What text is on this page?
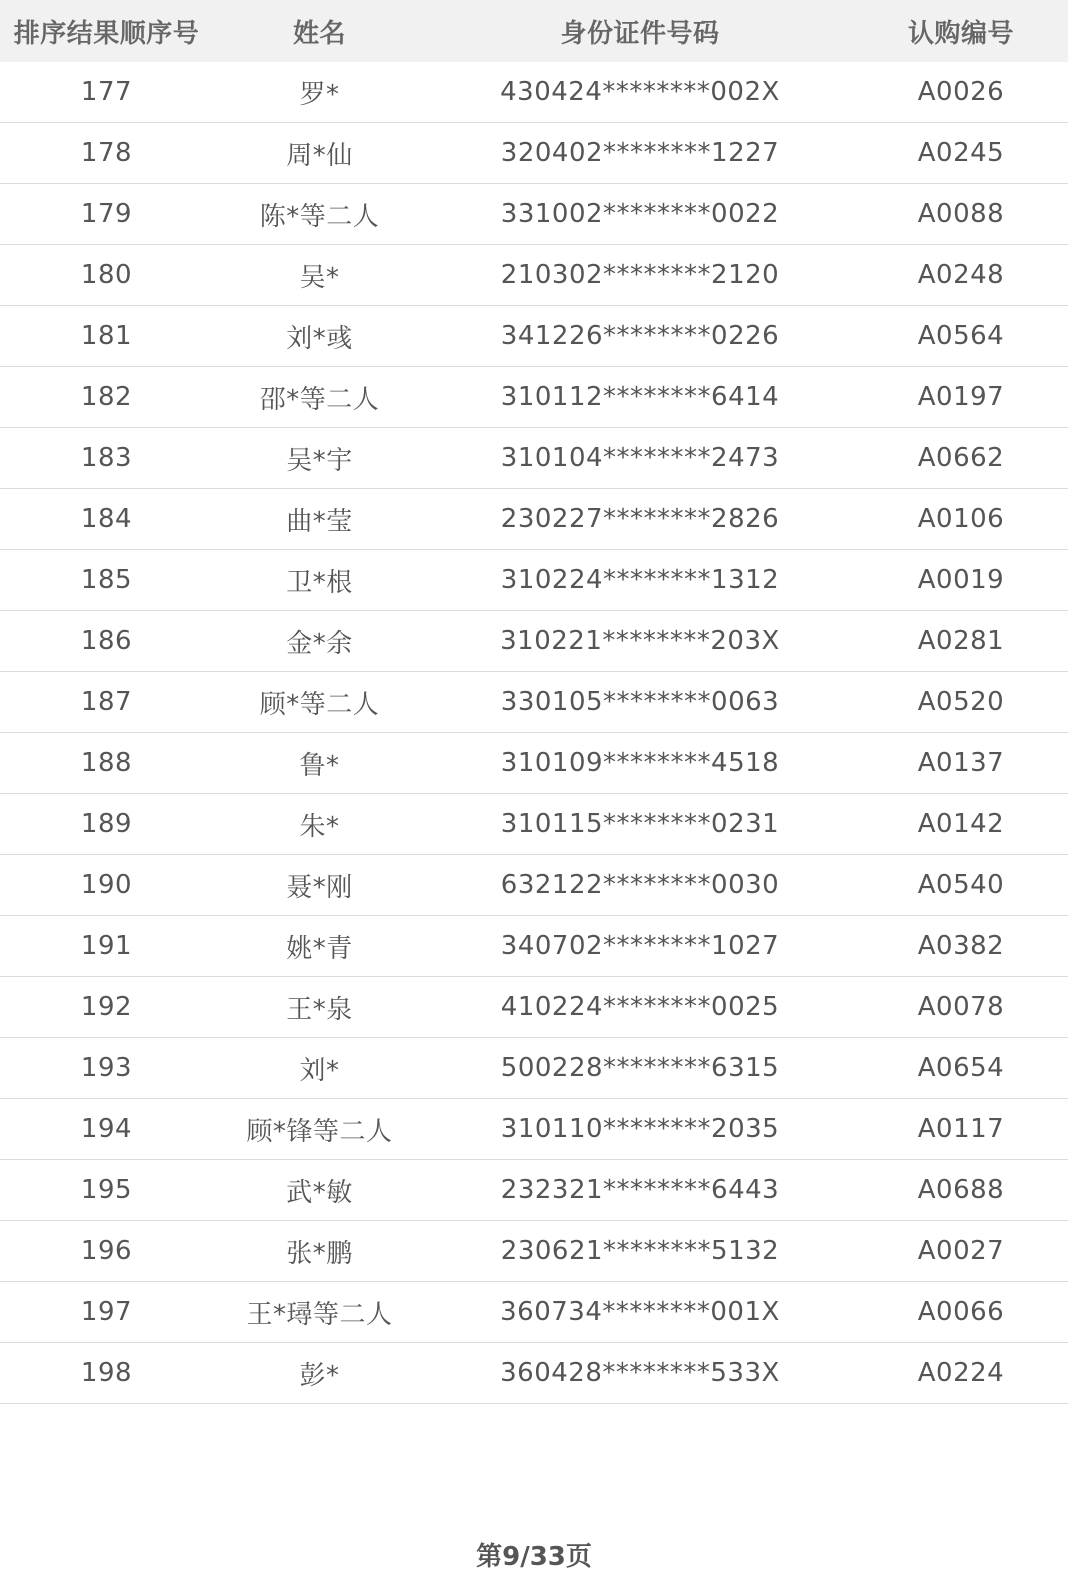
排序结果顺序号	姓名	身份证件号码	认购编号
177	罗*	430424********002X	A0026
178	周*仙	320402********1227	A0245
179	陈*等二人	331002********0022	A0088
180	吴*	210302********2120	A0248
181	刘*彧	341226********0226	A0564
182	邵*等二人	310112********6414	A0197
183	吴*宇	310104********2473	A0662
184	曲*莹	230227********2826	A0106
185	卫*根	310224********1312	A0019
186	金*余	310221********203X	A0281
187	顾*等二人	330105********0063	A0520
188	鲁*	310109********4518	A0137
189	朱*	310115********0231	A0142
190	聂*刚	632122********0030	A0540
191	姚*青	340702********1027	A0382
192	王*泉	410224********0025	A0078
193	刘*	500228********6315	A0654
194	顾*锋等二人	310110********2035	A0117
195	武*敏	232321********6443	A0688
196	张*鹏	230621********5132	A0027
197	王*璕等二人	360734********001X	A0066
198	彭*	360428********533X	A0224
第9/33页
